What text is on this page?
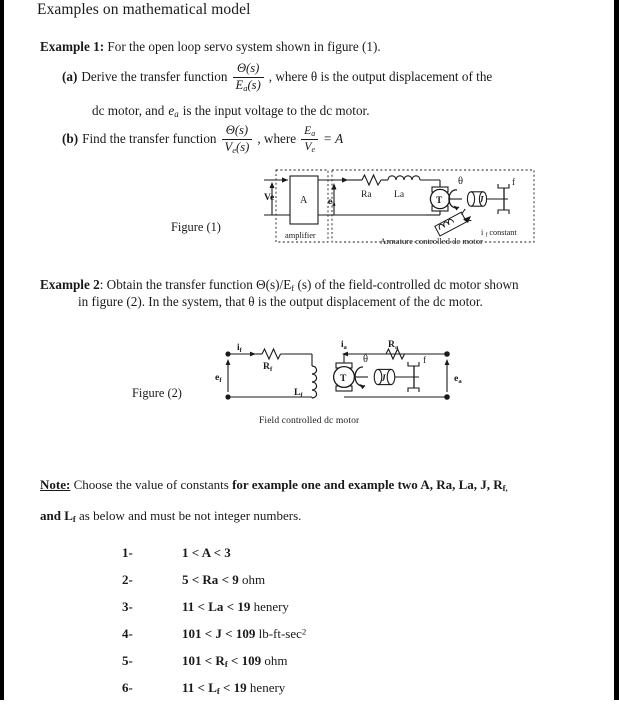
Examples on mathematical model
Example 1: For the open loop servo system shown in figure (1).
(a) Derive the transfer function $\frac{\Theta(s)}{E_a(s)}$ , where θ is the output displacement of the
dc motor, and $e_a$ is the input voltage to the dc motor.
(b) Find the transfer function $\frac{\Theta(s)}{V_e(s)}$ , where $\frac{E_a}{V_e} = A$
Figure (1)
Ve	A
amplifier
$e_a$
Ra La
T
θ
J
f
i f constant
Armature controlled dc motor
Example 2: Obtain the transfer function $\Theta(s)/E_f$ (s) of the field-controlled dc motor shown
in figure (2). In the system, that θ is the output displacement of the dc motor.
Figure (2)
if
$e_f$
$R_f$
$L_f$
ia	$R_a$
$e_a$
T
θ
J
f
Field controlled dc motor
Note: Choose the value of constants for example one and example two A, Ra, La, J, $R_{f,}$
and $L_f$ as below and must be not integer numbers.
1-	1 < A < 3
2-	5 < Ra < 9 ohm
3-	11 < La < 19 henery
4-	101 < J < 109 $lb-ft-\sec^2$
5-	$101 < R_f < 109$ ohm
6-	$11 < L_f < 19$ henery
